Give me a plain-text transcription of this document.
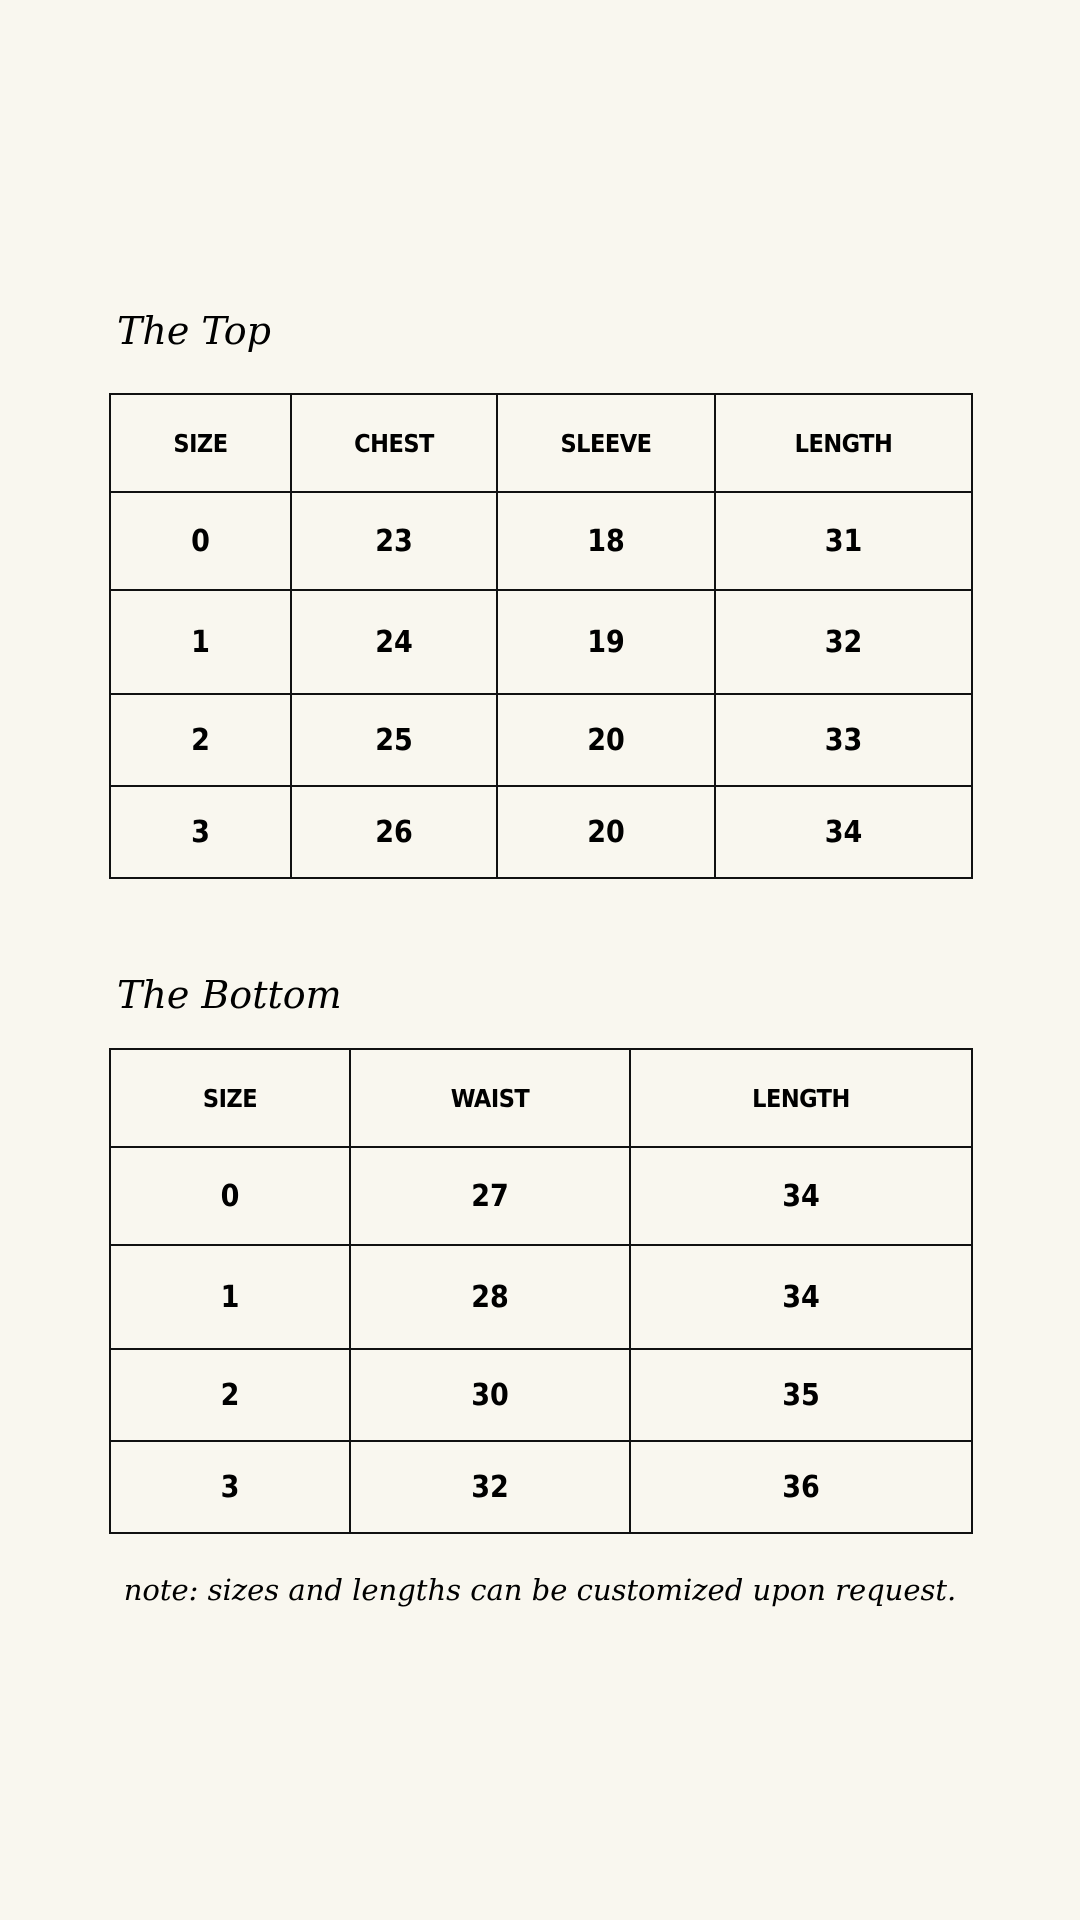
The Top
SIZE	CHEST	SLEEVE	LENGTH
0	23	18	31
1	24	19	32
2	25	20	33
3	26	20	34
The Bottom
SIZE	WAIST	LENGTH
0	27	34
1	28	34
2	30	35
3	32	36

note: sizes and lengths can be customized upon request.
